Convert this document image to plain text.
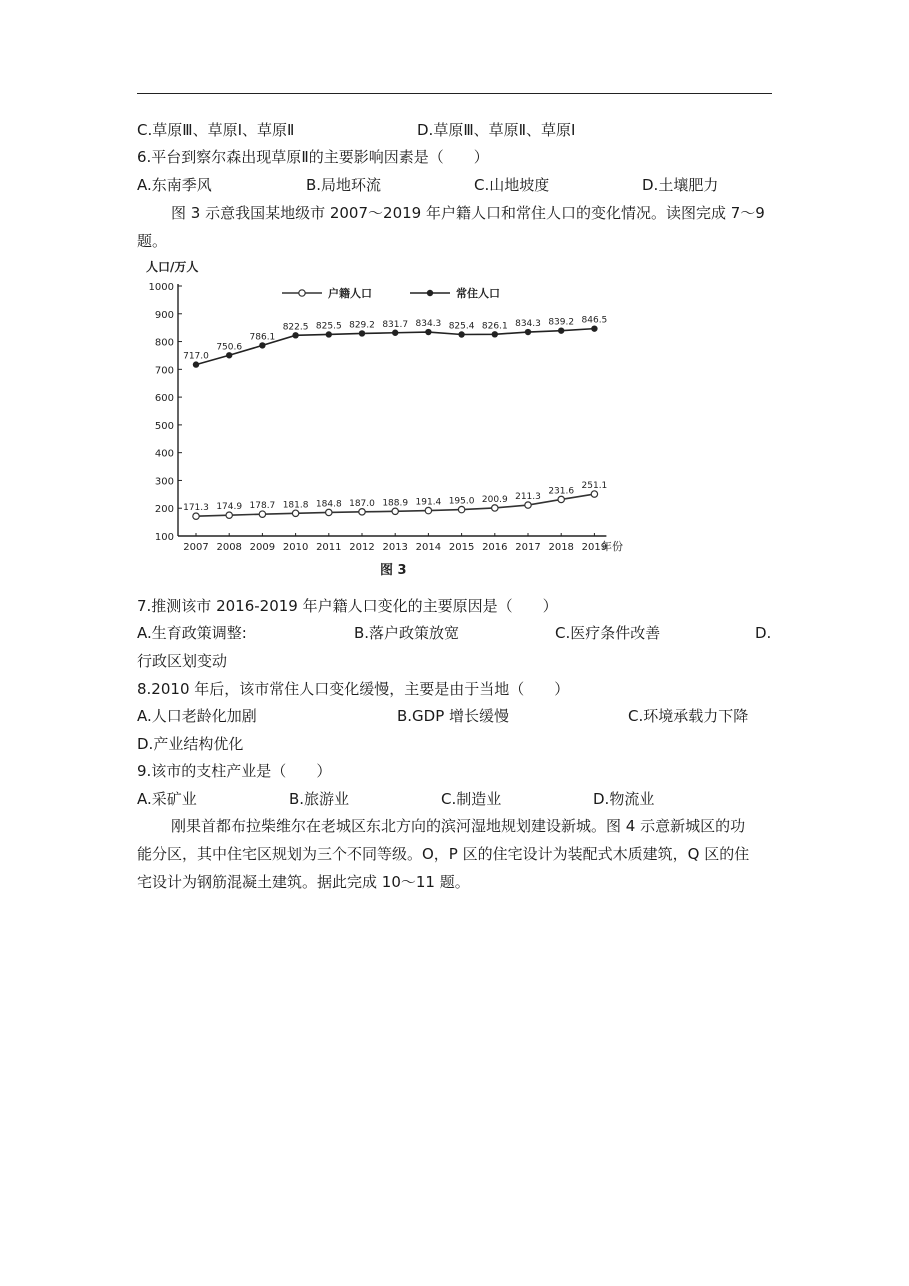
C.草原Ⅲ、草原Ⅰ、草原Ⅱ	D.草原Ⅲ、草原Ⅱ、草原Ⅰ
6.平台到察尔森出现草原Ⅱ的主要影响因素是（　　）
A.东南季风	B.局地环流	C.山地坡度	D.土壤肥力
图 3 示意我国某地级市 2007～2019 年户籍人口和常住人口的变化情况。读图完成 7～9
题。
人口/万人
年份
图 3
户籍人口	常住人口
100
200
300
400
500
600
700
800
900
1000
2007 2008 2009 2010 2011 2012 2013 2014 2015 2016 2017 2018 2019
171.3 174.9 178.7 181.8 184.8 187.0 188.9 191.4 195.0 200.9 211.3
231.6
251.1
717.0
750.6
786.1
822.5 825.5 829.2 831.7 834.3 825.4 826.1 834.3 839.2 846.5
7.推测该市 2016-2019 年户籍人口变化的主要原因是（　　）
A.生育政策调整:	B.落户政策放宽	C.医疗条件改善	D.
行政区划变动
8.2010 年后，该市常住人口变化缓慢，主要是由于当地（　　）
A.人口老龄化加剧	B.GDP 增长缓慢	C.环境承载力下降
D.产业结构优化
9.该市的支柱产业是（　　）
A.采矿业	B.旅游业	C.制造业	D.物流业
刚果首都布拉柴维尔在老城区东北方向的滨河湿地规划建设新城。图 4 示意新城区的功
能分区，其中住宅区规划为三个不同等级。O，P 区的住宅设计为装配式木质建筑，Q 区的住
宅设计为钢筋混凝土建筑。据此完成 10～11 题。
